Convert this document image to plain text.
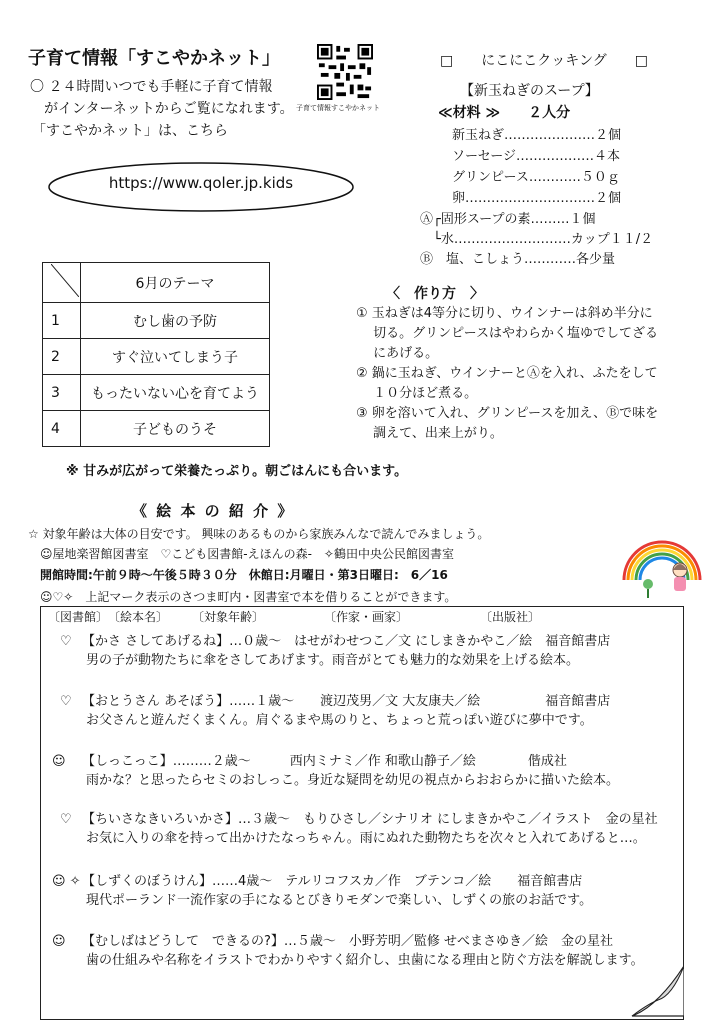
子育て情報「すこやかネット」
子育て情報すこやかネット
〇 ２４時間いつでも手軽に子育て情報
がインターネットからご覧になれます。
「すこやかネット」は、こちら
https://www.qoler.jp.kids
	6月のテーマ
1	むし歯の予防
2	すぐ泣いてしまう子
3	もったいない心を育てよう
4	子どものうそ
□　　にこにこクッキング　　□
【新玉ねぎのスープ】
≪材料 ≫　　２人分
新玉ねぎ…………………２個
ソーセージ………………４本
グリンピース…………５０ｇ
卵…………………………２個
Ⓐ┌固形スープの素………１個
　└水………………………カップ１１/２
Ⓑ　塩、こしょう…………各少量
〈　作り方　〉
① 玉ねぎは4等分に切り、ウインナーは斜め半分に
　 切る。グリンピースはやわらかく塩ゆでしてざる
　 にあげる。
② 鍋に玉ねぎ、ウインナーとⒶを入れ、ふたをして
　 １０分ほど煮る。
③ 卵を溶いて入れ、グリンピースを加え、Ⓑで味を
　 調えて、出来上がり。
※ 甘みが広がって栄養たっぷり。朝ごはんにも合います。
《 絵 本 の 紹 介 》
☆ 対象年齢は大体の目安です。 興味のあるものから家族みんなで読んでみましょう。
☺屋地楽習館図書室　♡こども図書館-えほんの森-　✧鶴田中央公民館図書室
開館時間:午前９時～午後５時３０分　休館日:月曜日・第3日曜日:　6／16
☺♡✧　 上記マーク表示のさつま町内・図書室で本を借りることができます。
〔図書館〕　〔絵本名〕　　　〔対象年齢〕　　　　　　〔作家・画家〕　　　　　　　〔出版社〕
♡ 【かさ さしてあげるね】…０歳～　はせがわせつこ／文 にしまきかやこ／絵　福音館書店
男の子が動物たちに傘をさしてあげます。雨音がとても魅力的な効果を上げる絵本。
♡ 【おとうさん あそぼう】……１歳～　　渡辺茂男／文 大友康夫／絵　　　　　福音館書店
お父さんと遊んだくまくん。肩ぐるまや馬のりと、ちょっと荒っぽい遊びに夢中です。
☺ 【しっこっこ】………２歳～　　　西内ミナミ／作 和歌山静子／絵　　　　偕成社
雨かな？と思ったらセミのおしっこ。身近な疑問を幼児の視点からおおらかに描いた絵本。
♡ 【ちいさなきいろいかさ】…３歳～　もりひさし／シナリオ にしまきかやこ／イラスト　金の星社
お気に入りの傘を持って出かけたなっちゃん。雨にぬれた動物たちを次々と入れてあげると…。
☺ ✧【しずくのぼうけん】……4歳～　テルリコフスカ／作　ブテンコ／絵　　福音館書店
現代ポーランド一流作家の手になるとびきりモダンで楽しい、しずくの旅のお話です。
☺ 【むしばはどうして　できるの?】…５歳～　小野芳明／監修 せべまさゆき／絵　金の星社
歯の仕組みや名称をイラストでわかりやすく紹介し、虫歯になる理由と防ぐ方法を解説します。
